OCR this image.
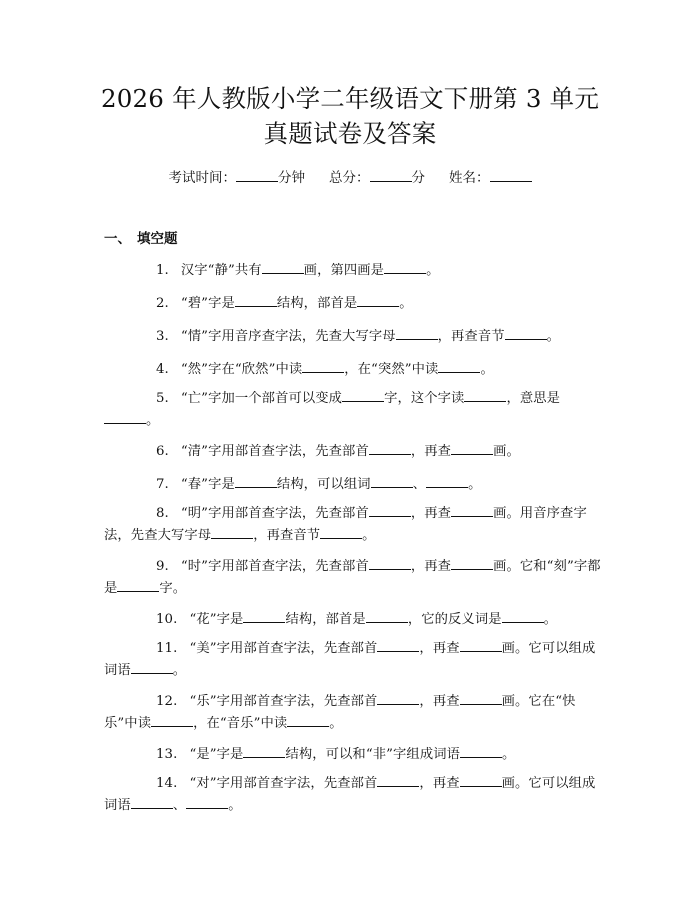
2026 年人教版小学二年级语文下册第 3 单元
真题试卷及答案
考试时间：	分钟 总分：	分 姓名：
一、 填空题
1. 汉字“静”共有	画，第四画是	。
2. “碧”字是	结构，部首是	。
3. “情”字用音序查字法，先查大写字母	，再查音节	。
4. “然”字在“欣然”中读	，在“突然”中读	。
5. “亡”字加一个部首可以变成	字，这个字读	，意思是。
6. “清”字用部首查字法，先查部首	，再查	画。
7. “春”字是	结构，可以组词	、	。
8. “明”字用部首查字法，先查部首	，再查	画。用音序查字法，先查大写字母	，再查音节	。
9. “时”字用部首查字法，先查部首	，再查	画。它和“刻”字都是	字。
10. “花”字是	结构，部首是	，它的反义词是	。
11. “美”字用部首查字法，先查部首	，再查	画。它可以组成词语	。
12. “乐”字用部首查字法，先查部首	，再查	画。它在“快乐”中读	，在“音乐”中读	。
13. “是”字是	结构，可以和“非”字组成词语	。
14. “对”字用部首查字法，先查部首	，再查	画。它可以组成词语	、	。
